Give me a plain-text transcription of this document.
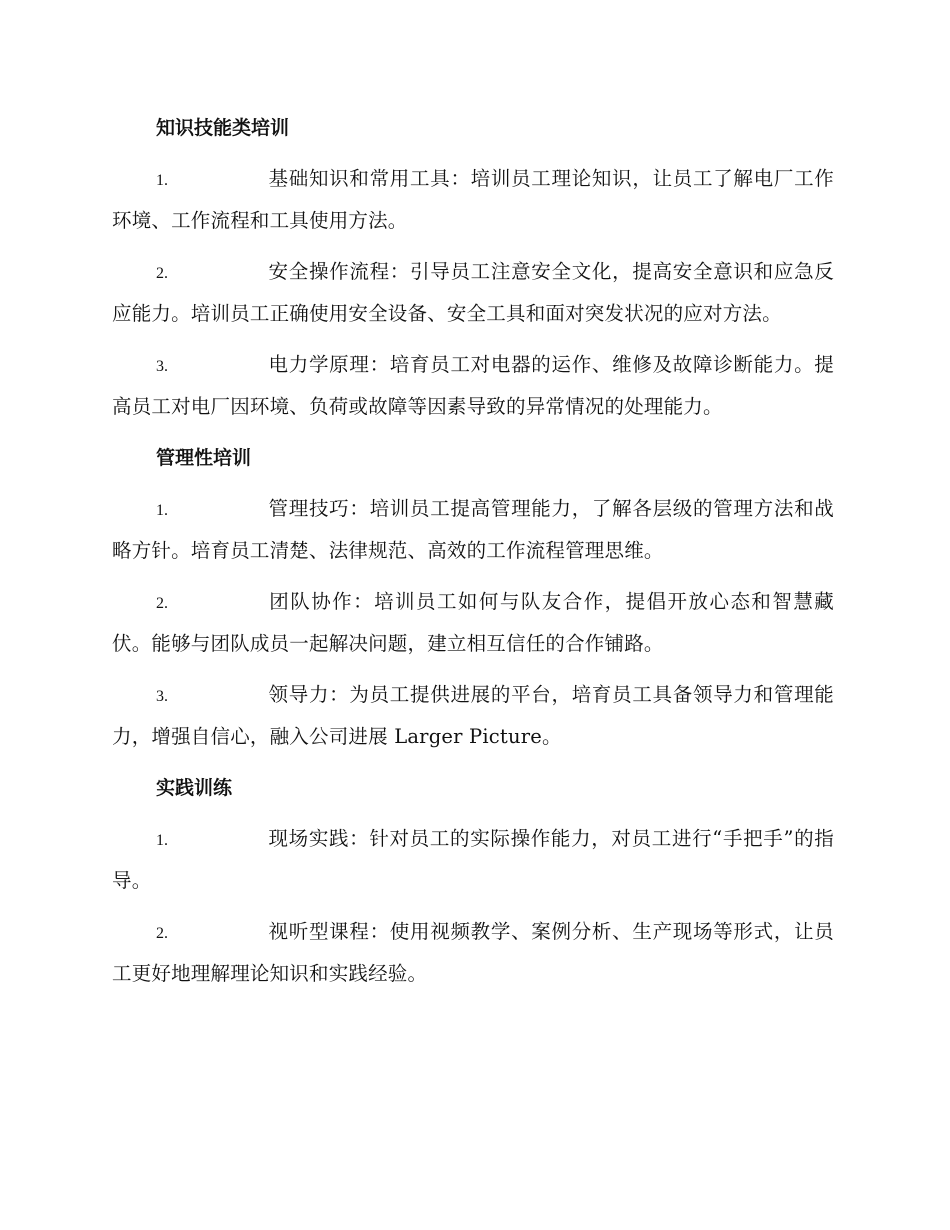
知识技能类培训

1.	基础知识和常用工具：培训员工理论知识，让员工了解电厂工作环境、工作流程和工具使用方法。

2.	安全操作流程：引导员工注意安全文化，提高安全意识和应急反应能力。培训员工正确使用安全设备、安全工具和面对突发状况的应对方法。

3.	电力学原理：培育员工对电器的运作、维修及故障诊断能力。提高员工对电厂因环境、负荷或故障等因素导致的异常情况的处理能力。

管理性培训

1.	管理技巧：培训员工提高管理能力，了解各层级的管理方法和战略方针。培育员工清楚、法律规范、高效的工作流程管理思维。

2.	团队协作：培训员工如何与队友合作，提倡开放心态和智慧藏伏。能够与团队成员一起解决问题，建立相互信任的合作铺路。

3.	领导力：为员工提供进展的平台，培育员工具备领导力和管理能力，增强自信心，融入公司进展 Larger Picture。

实践训练

1.	现场实践：针对员工的实际操作能力，对员工进行“手把手”的指导。

2.	视听型课程：使用视频教学、案例分析、生产现场等形式，让员工更好地理解理论知识和实践经验。
